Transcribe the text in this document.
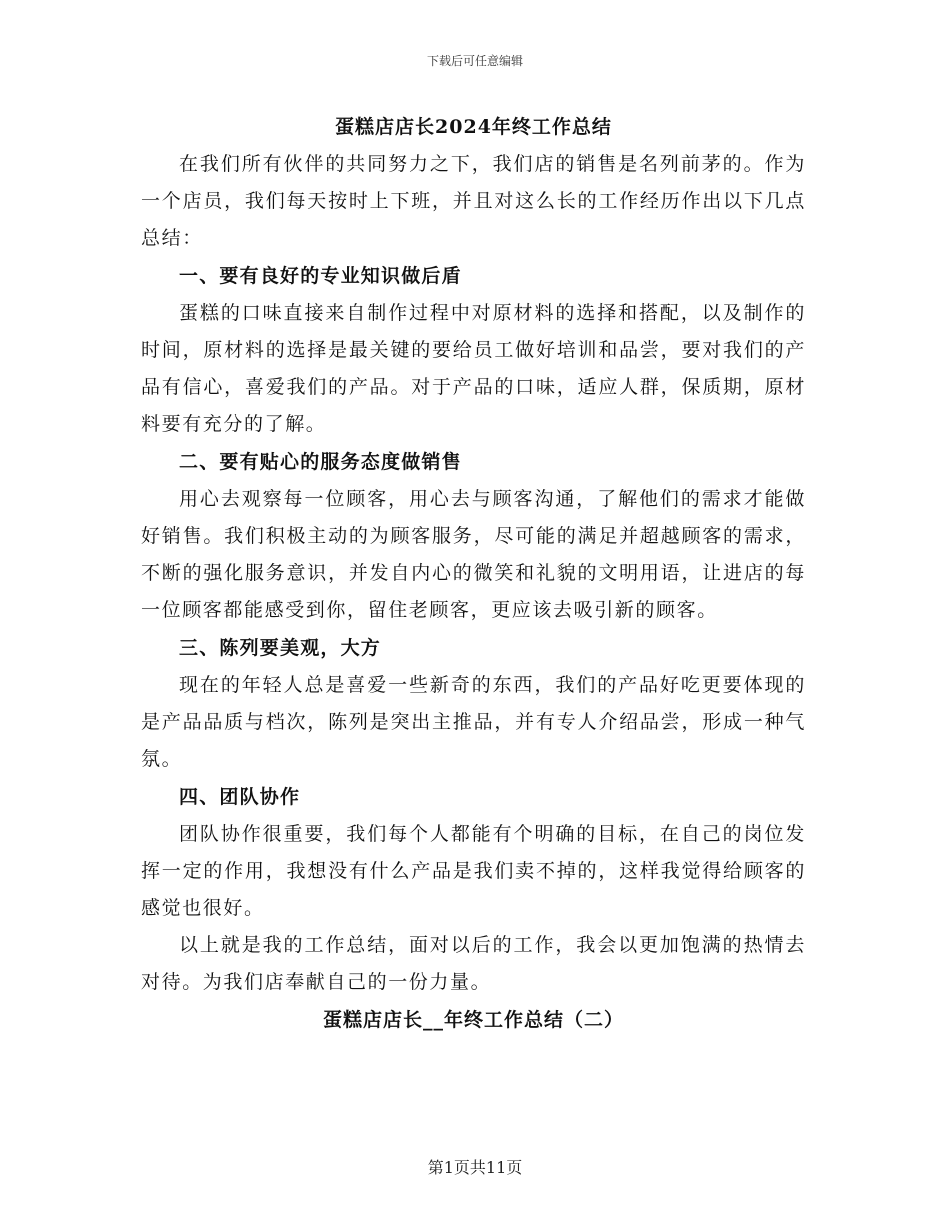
下载后可任意编辑
蛋糕店店长2024年终工作总结

在我们所有伙伴的共同努力之下，我们店的销售是名列前茅的。作为一个店员，我们每天按时上下班，并且对这么长的工作经历作出以下几点总结：

一、要有良好的专业知识做后盾

蛋糕的口味直接来自制作过程中对原材料的选择和搭配，以及制作的时间，原材料的选择是最关键的要给员工做好培训和品尝，要对我们的产品有信心，喜爱我们的产品。对于产品的口味，适应人群，保质期，原材料要有充分的了解。

二、要有贴心的服务态度做销售

用心去观察每一位顾客，用心去与顾客沟通，了解他们的需求才能做好销售。我们积极主动的为顾客服务，尽可能的满足并超越顾客的需求，不断的强化服务意识，并发自内心的微笑和礼貌的文明用语，让进店的每一位顾客都能感受到你，留住老顾客，更应该去吸引新的顾客。

三、陈列要美观，大方

现在的年轻人总是喜爱一些新奇的东西，我们的产品好吃更要体现的是产品品质与档次，陈列是突出主推品，并有专人介绍品尝，形成一种气氛。

四、团队协作

团队协作很重要，我们每个人都能有个明确的目标，在自己的岗位发挥一定的作用，我想没有什么产品是我们卖不掉的，这样我觉得给顾客的感觉也很好。

以上就是我的工作总结，面对以后的工作，我会以更加饱满的热情去对待。为我们店奉献自己的一份力量。

蛋糕店店长__年终工作总结（二）
第1页共11页
